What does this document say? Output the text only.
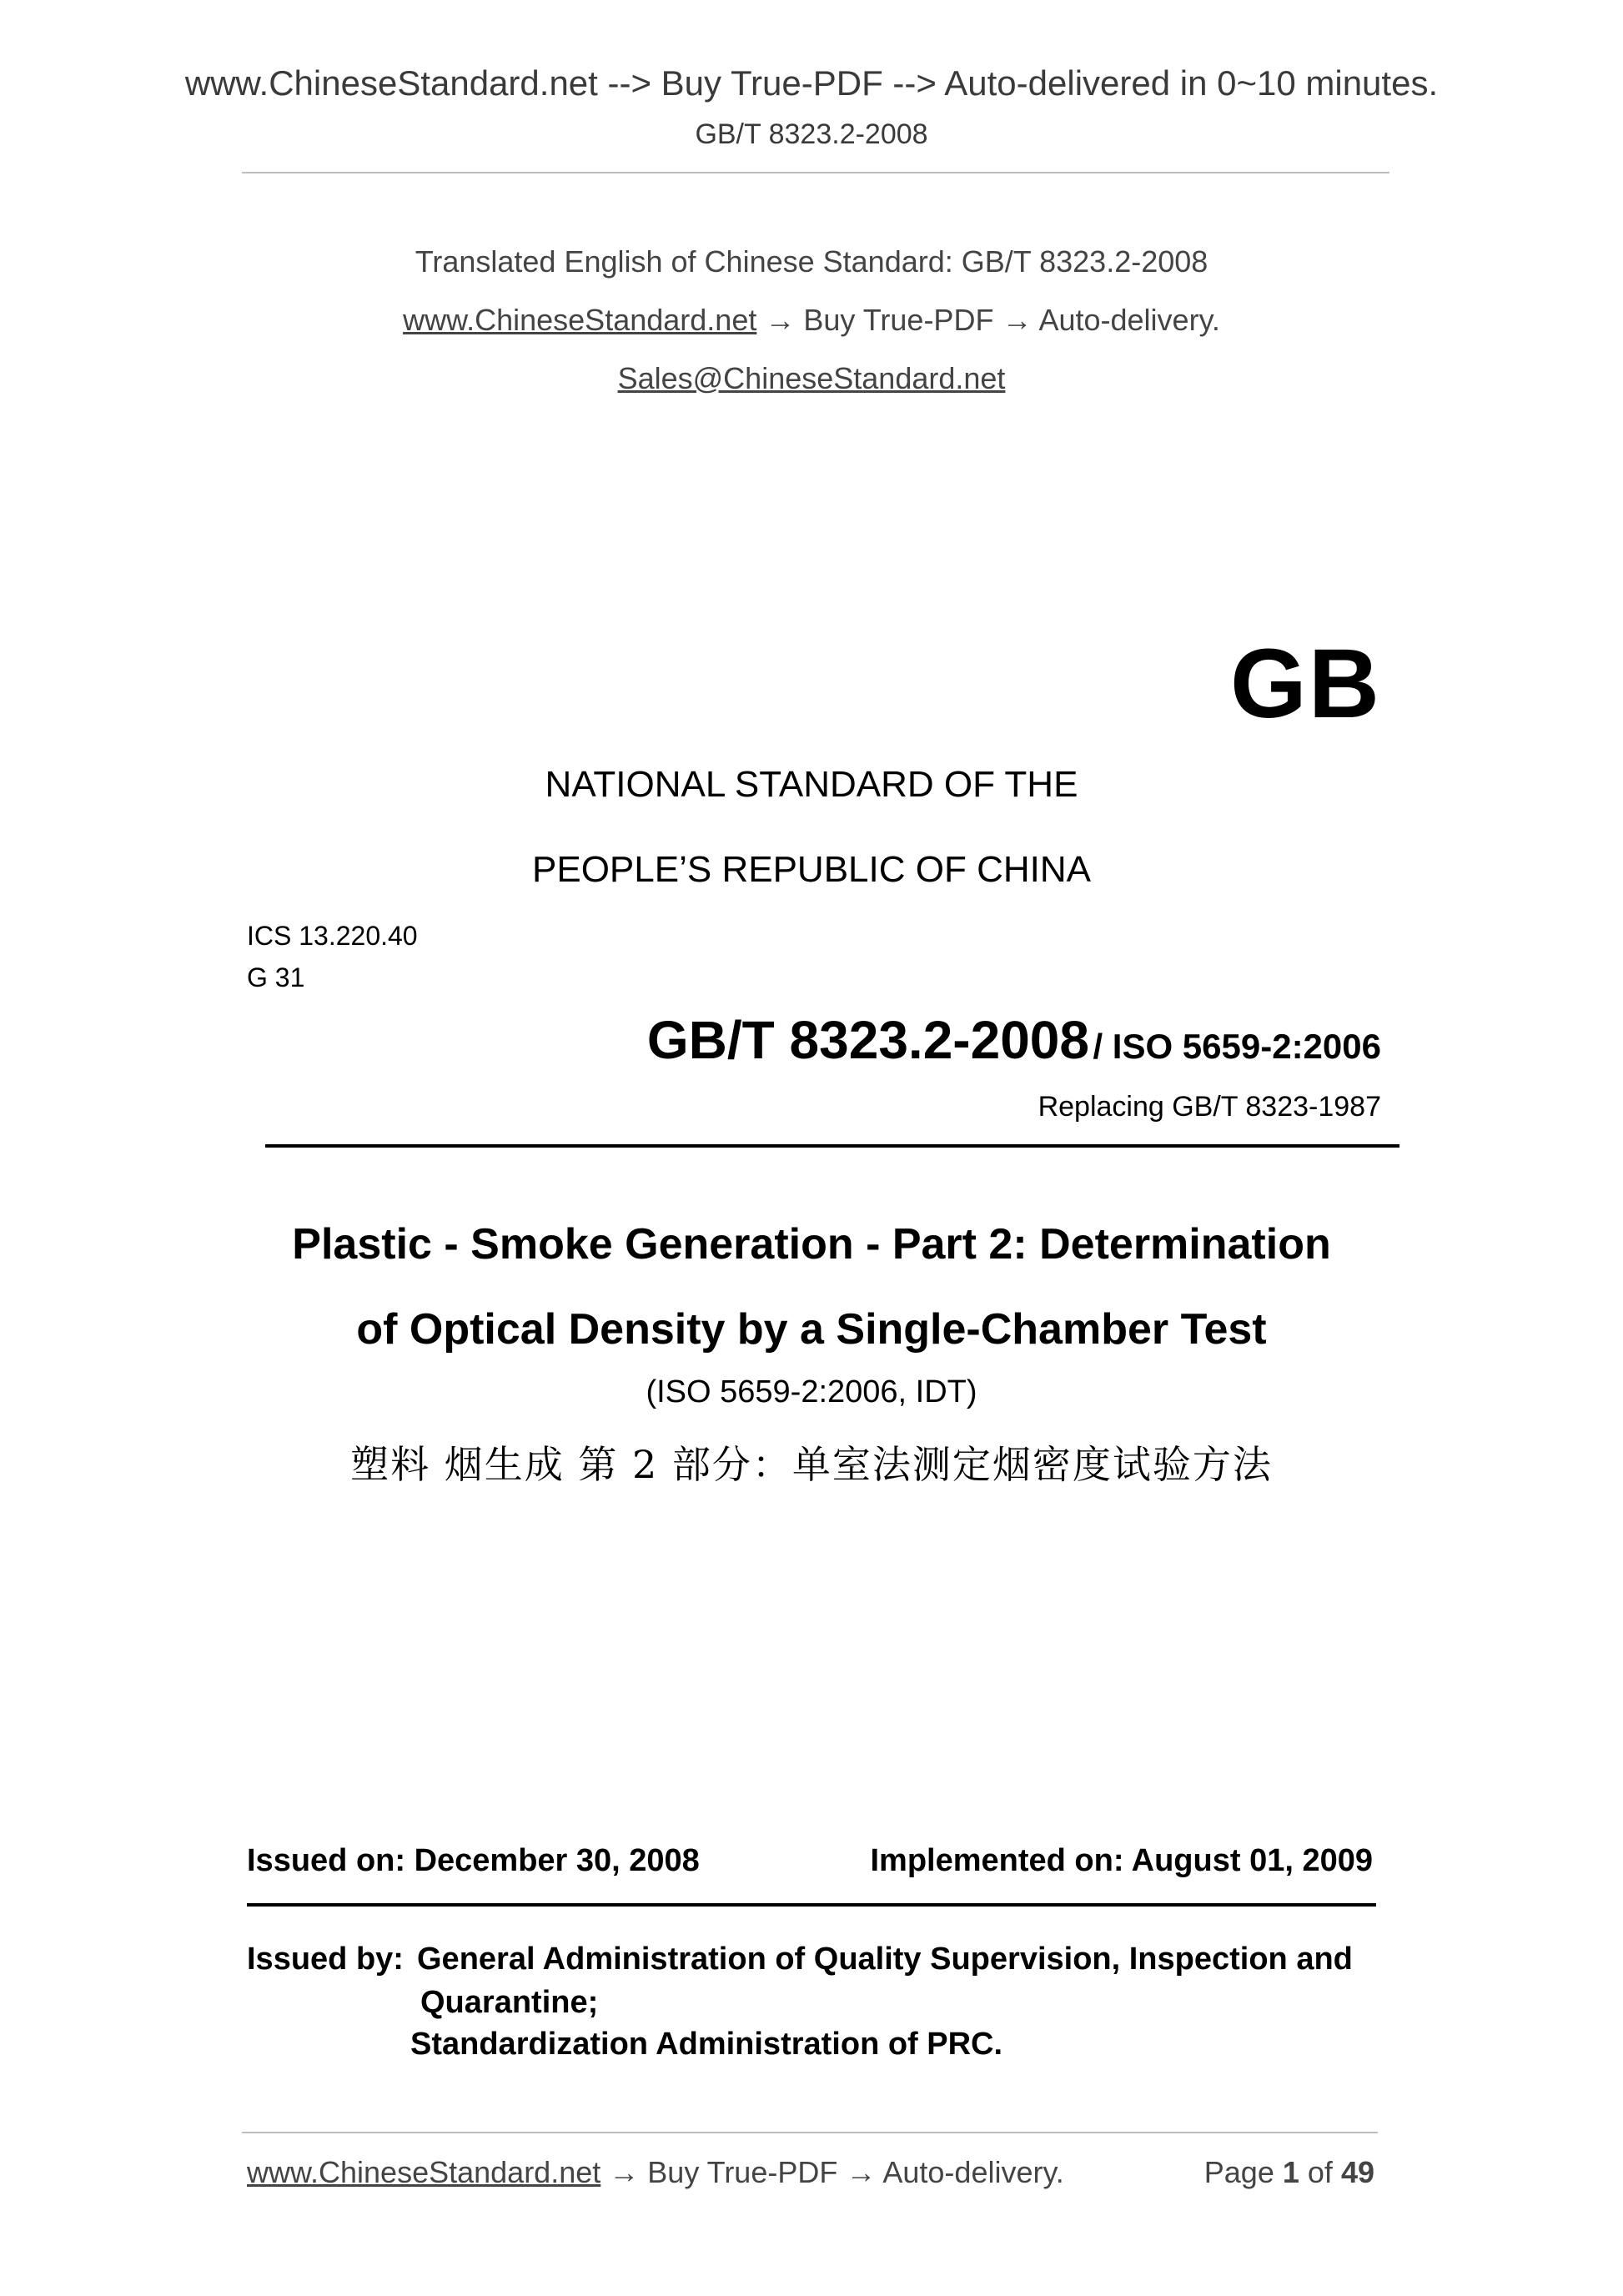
www.ChineseStandard.net --> Buy True-PDF --> Auto-delivered in 0~10 minutes.
GB/T 8323.2-2008
Translated English of Chinese Standard: GB/T 8323.2-2008
www.ChineseStandard.net → Buy True-PDF → Auto-delivery.
Sales@ChineseStandard.net
GB
NATIONAL STANDARD OF THE
PEOPLE’S REPUBLIC OF CHINA
ICS 13.220.40
G 31
GB/T 8323.2-2008 / ISO 5659-2:2006
Replacing GB/T 8323-1987
Plastic - Smoke Generation - Part 2: Determination
of Optical Density by a Single-Chamber Test
(ISO 5659-2:2006, IDT)
塑料 烟生成 第 2 部分：单室法测定烟密度试验方法
Issued on: December 30, 2008	Implemented on: August 01, 2009
Issued by: General Administration of Quality Supervision, Inspection and
Quarantine;
Standardization Administration of PRC.
www.ChineseStandard.net → Buy True-PDF → Auto-delivery.	Page 1 of 49
